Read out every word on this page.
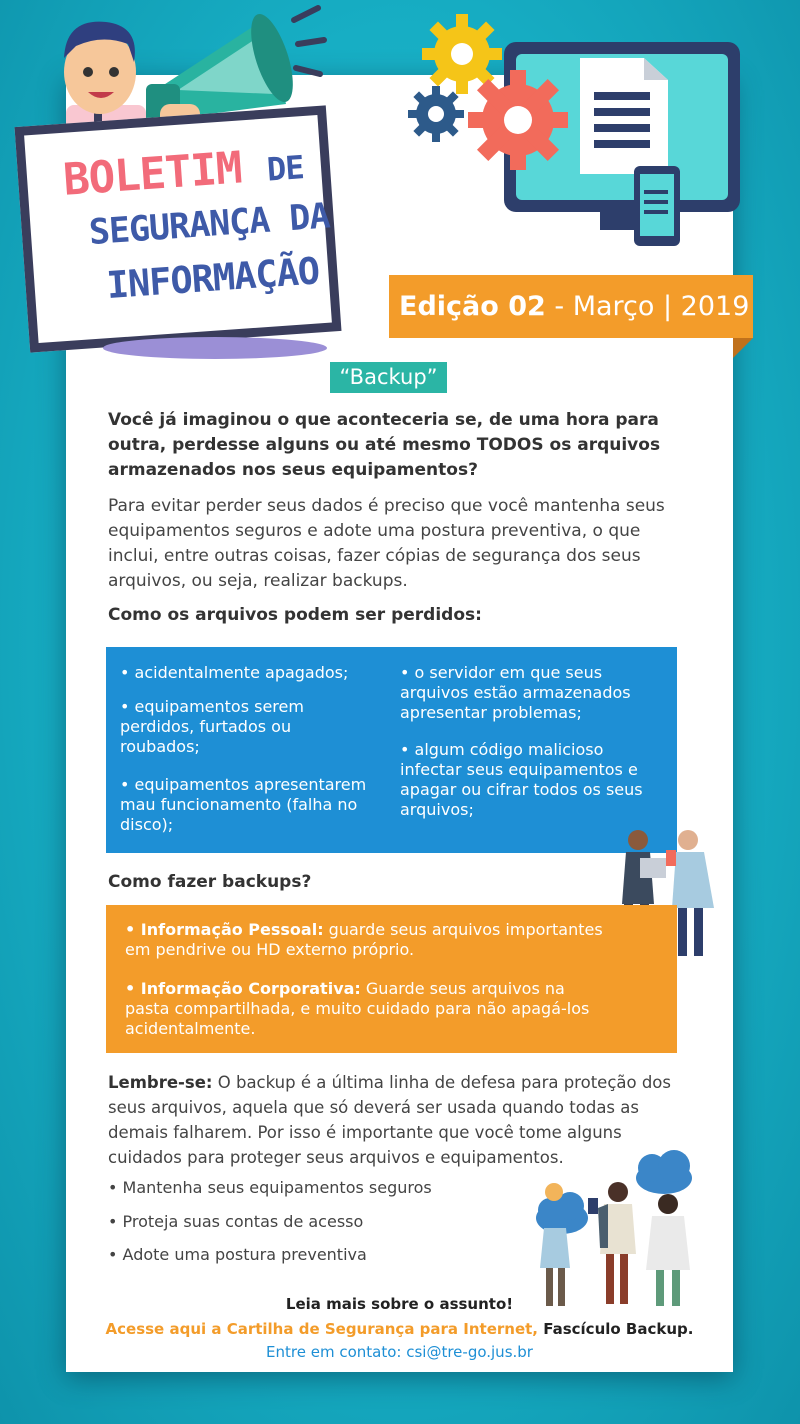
BOLETIM DE
SEGURANÇA DA
INFORMAÇÃO	Edição 02 - Março | 2019
“Backup”
Você já imaginou o que aconteceria se, de uma hora para outra, perdesse alguns ou até mesmo TODOS os arquivos armazenados nos seus equipamentos?
Para evitar perder seus dados é preciso que você mantenha seus equipamentos seguros e adote uma postura preventiva, o que inclui, entre outras coisas, fazer cópias de segurança dos seus arquivos, ou seja, realizar backups.
Como os arquivos podem ser perdidos:
• acidentalmente apagados;
• equipamentos serem perdidos, furtados ou roubados;
• equipamentos apresentarem mau funcionamento (falha no disco);
• o servidor em que seus arquivos estão armazenados apresentar problemas;
• algum código malicioso infectar seus equipamentos e apagar ou cifrar todos os seus arquivos;
Como fazer backups?
• Informação Pessoal: guarde seus arquivos importantes em pendrive ou HD externo próprio.
• Informação Corporativa: Guarde seus arquivos na pasta compartilhada, e muito cuidado para não apagá-los acidentalmente.
Lembre-se: O backup é a última linha de defesa para proteção dos seus arquivos, aquela que só deverá ser usada quando todas as demais falharem. Por isso é importante que você tome alguns cuidados para proteger seus arquivos e equipamentos.
• Mantenha seus equipamentos seguros
• Proteja suas contas de acesso
• Adote uma postura preventiva
Leia mais sobre o assunto!
Acesse aqui a Cartilha de Segurança para Internet, Fascículo Backup.
Entre em contato: csi@tre-go.jus.br
